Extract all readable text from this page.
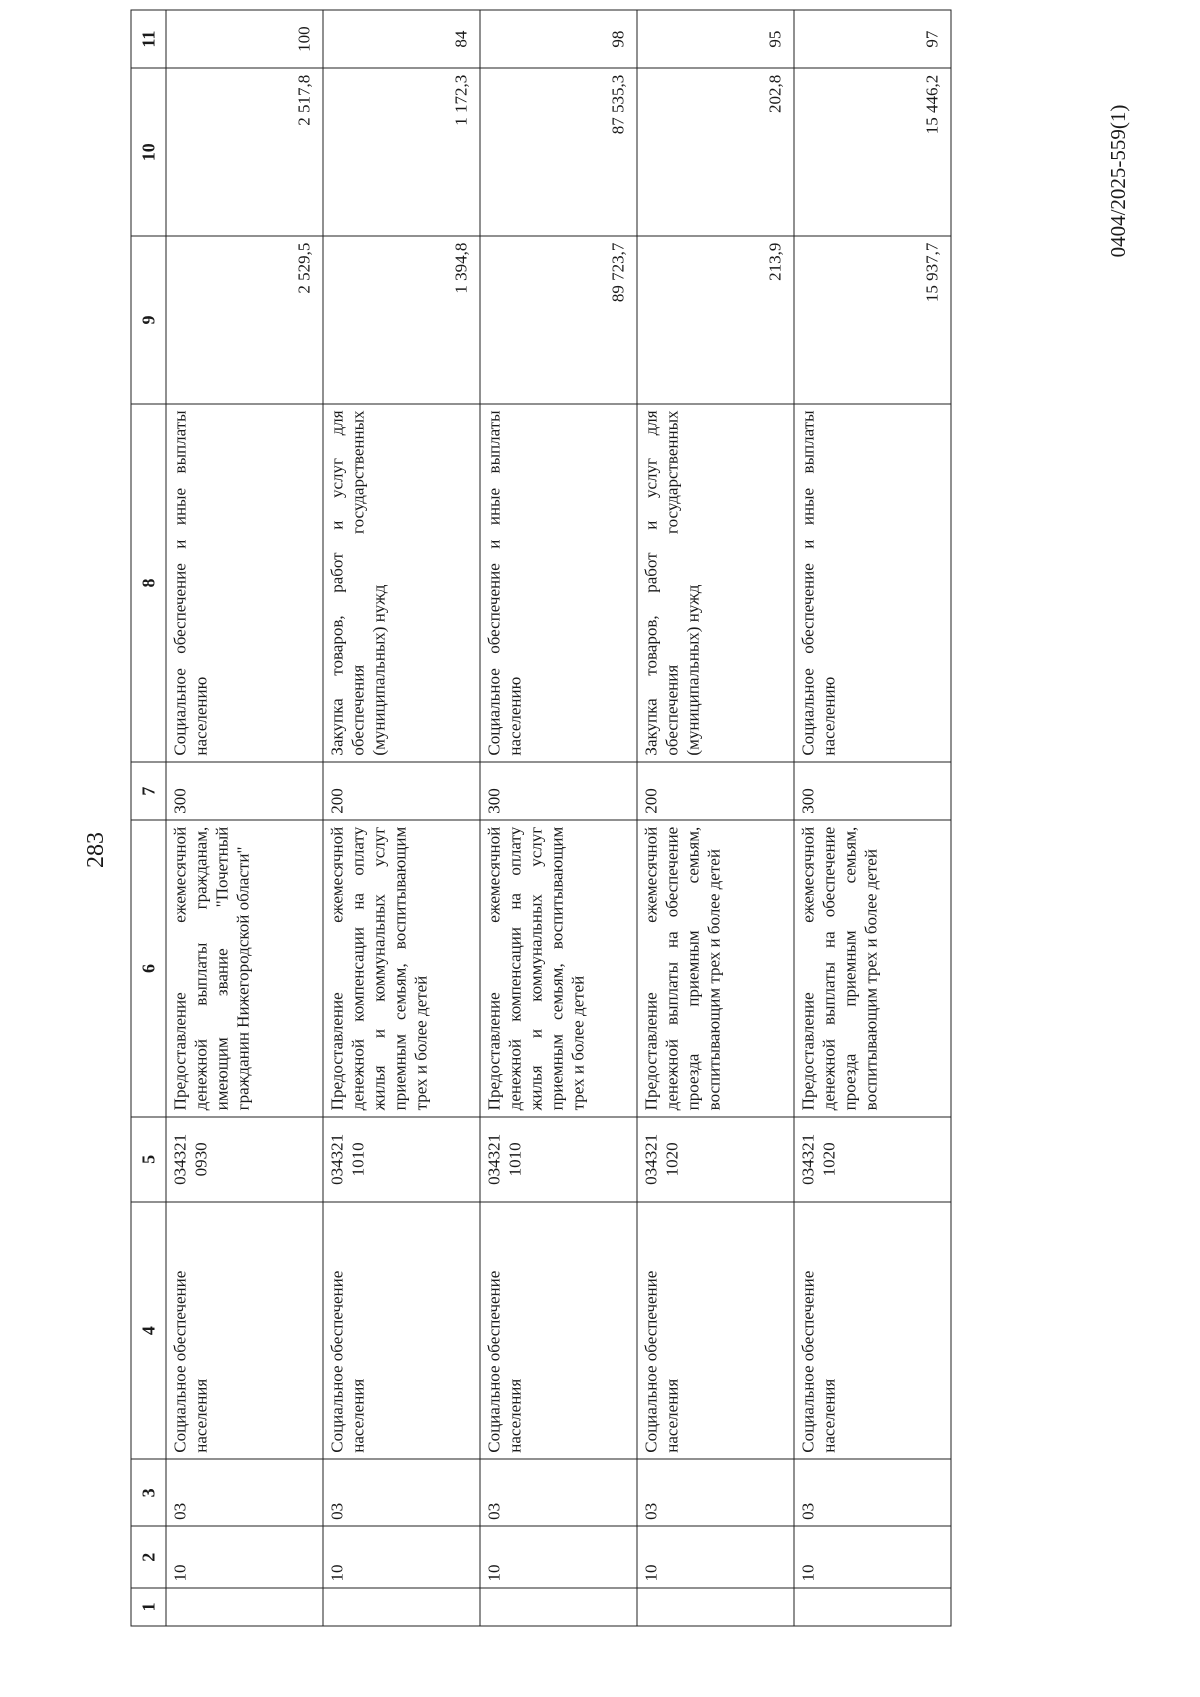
283
0404/2025-559(1)
1	2	3	4	5	6	7	8	9	10	11
	10	03	Социальное обеспечение населения	034321 0930	Предоставление ежемесячной денежной выплаты гражданам, имеющим звание "Почетный гражданин Нижегородской области"	300	Социальное обеспечение и иные выплаты населению	2 529,5	2 517,8	100
	10	03	Социальное обеспечение населения	034321 1010	Предоставление ежемесячной денежной компенсации на оплату жилья и коммунальных услуг приемным семьям, воспитывающим трех и более детей	200	Закупка товаров, работ и услуг для обеспечения государственных (муниципальных) нужд	1 394,8	1 172,3	84
	10	03	Социальное обеспечение населения	034321 1010	Предоставление ежемесячной денежной компенсации на оплату жилья и коммунальных услуг приемным семьям, воспитывающим трех и более детей	300	Социальное обеспечение и иные выплаты населению	89 723,7	87 535,3	98
	10	03	Социальное обеспечение населения	034321 1020	Предоставление ежемесячной денежной выплаты на обеспечение проезда приемным семьям, воспитывающим трех и более детей	200	Закупка товаров, работ и услуг для обеспечения государственных (муниципальных) нужд	213,9	202,8	95
	10	03	Социальное обеспечение населения	034321 1020	Предоставление ежемесячной денежной выплаты на обеспечение проезда приемным семьям, воспитывающим трех и более детей	300	Социальное обеспечение и иные выплаты населению	15 937,7	15 446,2	97
